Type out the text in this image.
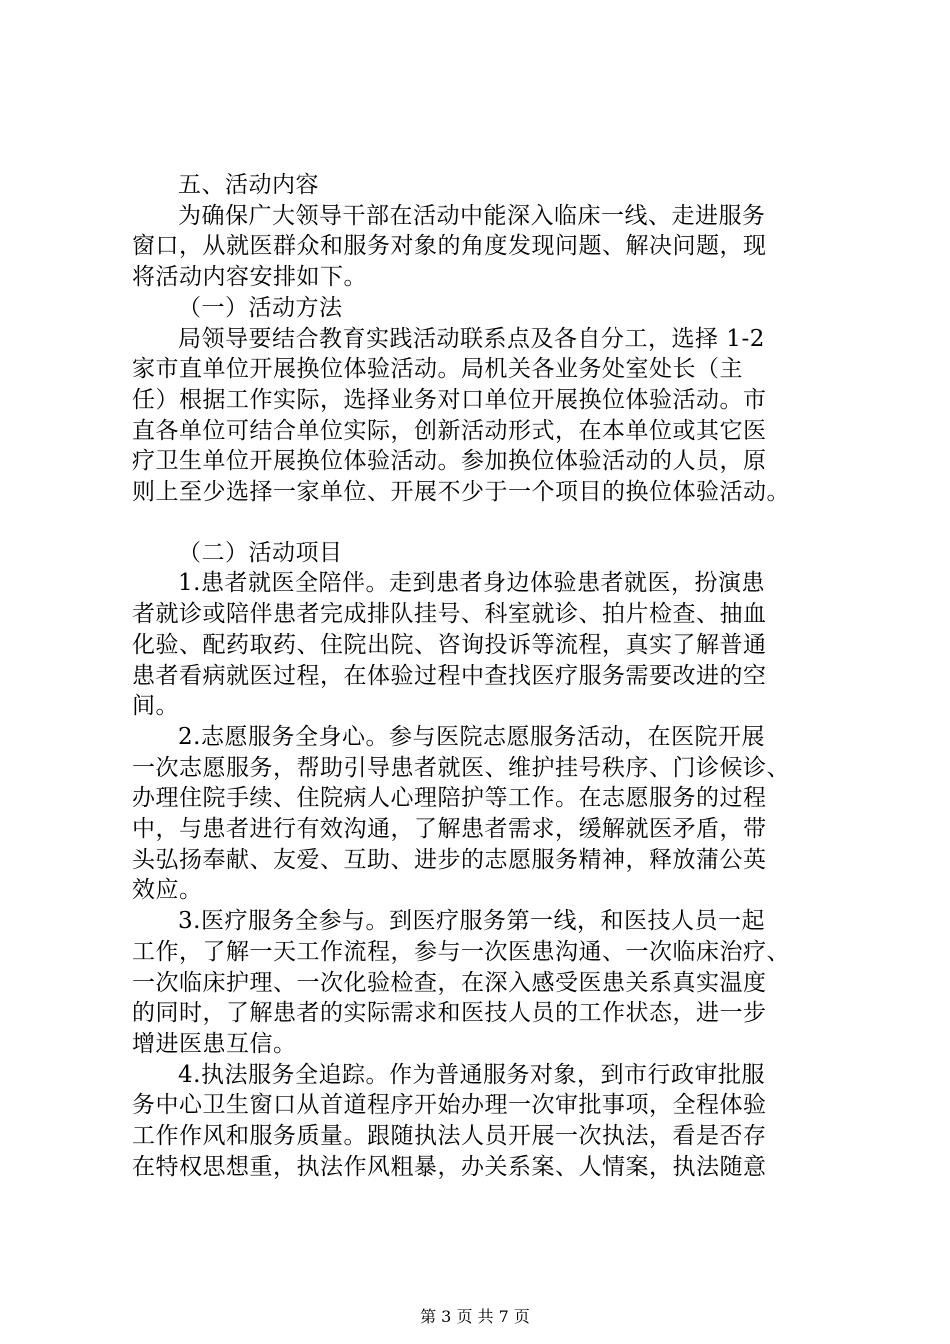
五、活动内容
为确保广大领导干部在活动中能深入临床一线、走进服务
窗口，从就医群众和服务对象的角度发现问题、解决问题，现
将活动内容安排如下。
（一）活动方法
局领导要结合教育实践活动联系点及各自分工，选择 1-2
家市直单位开展换位体验活动。局机关各业务处室处长（主
任）根据工作实际，选择业务对口单位开展换位体验活动。市
直各单位可结合单位实际，创新活动形式，在本单位或其它医
疗卫生单位开展换位体验活动。参加换位体验活动的人员，原
则上至少选择一家单位、开展不少于一个项目的换位体验活动。
（二）活动项目
1.患者就医全陪伴。走到患者身边体验患者就医，扮演患
者就诊或陪伴患者完成排队挂号、科室就诊、拍片检查、抽血
化验、配药取药、住院出院、咨询投诉等流程，真实了解普通
患者看病就医过程，在体验过程中查找医疗服务需要改进的空
间。
2.志愿服务全身心。参与医院志愿服务活动，在医院开展
一次志愿服务，帮助引导患者就医、维护挂号秩序、门诊候诊、
办理住院手续、住院病人心理陪护等工作。在志愿服务的过程
中，与患者进行有效沟通，了解患者需求，缓解就医矛盾，带
头弘扬奉献、友爱、互助、进步的志愿服务精神，释放蒲公英
效应。
3.医疗服务全参与。到医疗服务第一线，和医技人员一起
工作，了解一天工作流程，参与一次医患沟通、一次临床治疗、
一次临床护理、一次化验检查，在深入感受医患关系真实温度
的同时，了解患者的实际需求和医技人员的工作状态，进一步
增进医患互信。
4.执法服务全追踪。作为普通服务对象，到市行政审批服
务中心卫生窗口从首道程序开始办理一次审批事项，全程体验
工作作风和服务质量。跟随执法人员开展一次执法，看是否存
在特权思想重，执法作风粗暴，办关系案、人情案，执法随意
第 3 页 共 7 页
